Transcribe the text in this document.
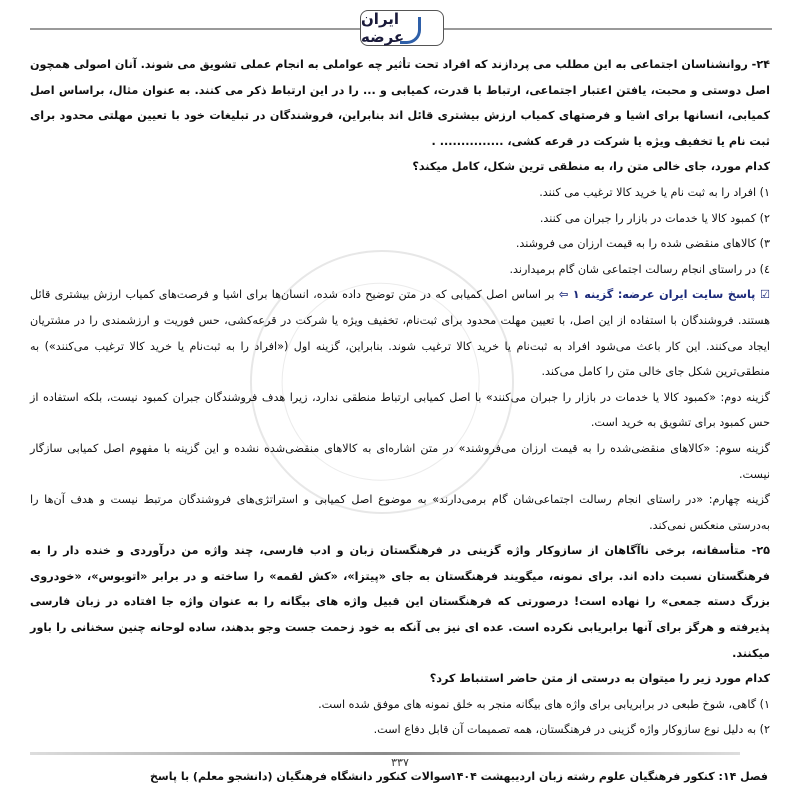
ایران عرضه

۲۴- روانشناسان اجتماعی به این مطلب می پردازند که افراد تحت تأثیر چه عواملی به انجام عملی تشویق می شوند. آنان اصولی همچون اصل دوستی و محبت، یافتن اعتبار اجتماعی، ارتباط با قدرت، کمیابی و ... را در این ارتباط ذکر می کنند. به عنوان مثال، براساس اصل کمیابی، انسانها برای اشیا و فرصتهای کمیاب ارزش بیشتری قائل اند بنابراین، فروشندگان در تبلیغات خود با تعیین مهلتی محدود برای ثبت نام یا تخفیف ویژه یا شرکت در قرعه کشی، ............... .

کدام مورد، جای خالی متن را، به منطقی ترین شکل، کامل میکند؟

۱) افراد را به ثبت نام یا خرید کالا ترغیب می کنند.

۲) کمبود کالا یا خدمات در بازار را جبران می کنند.

۳) کالاهای منقضی شده را به قیمت ارزان می فروشند.

٤) در راستای انجام رسالت اجتماعی شان گام برمیدارند.

☑ پاسخ سایت ایران عرضه: گزینه ۱ ⇦ بر اساس اصل کمیابی که در متن توضیح داده شده، انسان‌ها برای اشیا و فرصت‌های کمیاب ارزش بیشتری قائل هستند. فروشندگان با استفاده از این اصل، با تعیین مهلت محدود برای ثبت‌نام، تخفیف ویژه یا شرکت در قرعه‌کشی، حس فوریت و ارزشمندی را در مشتریان ایجاد می‌کنند. این کار باعث می‌شود افراد به ثبت‌نام یا خرید کالا ترغیب شوند. بنابراین، گزینه اول («افراد را به ثبت‌نام یا خرید کالا ترغیب می‌کنند») به منطقی‌ترین شکل جای خالی متن را کامل می‌کند.

گزینه دوم: «کمبود کالا یا خدمات در بازار را جبران می‌کنند» با اصل کمیابی ارتباط منطقی ندارد، زیرا هدف فروشندگان جبران کمبود نیست، بلکه استفاده از حس کمبود برای تشویق به خرید است.

گزینه سوم: «کالاهای منقضی‌شده را به قیمت ارزان می‌فروشند» در متن اشاره‌ای به کالاهای منقضی‌شده نشده و این گزینه با مفهوم اصل کمیابی سازگار نیست.

گزینه چهارم: «در راستای انجام رسالت اجتماعی‌شان گام برمی‌دارند» به موضوع اصل کمیابی و استراتژی‌های فروشندگان مرتبط نیست و هدف آن‌ها را به‌درستی منعکس نمی‌کند.

۲۵- متأسفانه، برخی ناآگاهان از سازوکار واژه گزینی در فرهنگستان زبان و ادب فارسی، چند واژه من درآوردی و خنده دار را به فرهنگستان نسبت داده اند. برای نمونه، میگویند فرهنگستان به جای «پیتزا»، «کش لقمه» را ساخته و در برابر «اتوبوس»، «خودروی بزرگ دسته جمعی» را نهاده است! درصورتی که فرهنگستان این قبیل واژه های بیگانه را به عنوان واژه جا افتاده در زبان فارسی پذیرفته و هرگز برای آنها برابریابی نکرده است. عده ای نیز بی آنکه به خود زحمت جست وجو بدهند، ساده لوحانه چنین سخنانی را باور میکنند.

کدام مورد زیر را میتوان به درستی از متن حاضر استنباط کرد؟

۱) گاهی، شوخ طبعی در برابریابی برای واژه های بیگانه منجر به خلق نمونه های موفق شده است.

۲) به دلیل نوع سازوکار واژه گزینی در فرهنگستان، همه تصمیمات آن قابل دفاع است.

۳۳۷
فصل ۱۴: کنکور فرهنگیان علوم رشته زبان اردیبهشت ۱۴۰۴
سوالات کنکور دانشگاه فرهنگیان (دانشجو معلم) با پاسخ
